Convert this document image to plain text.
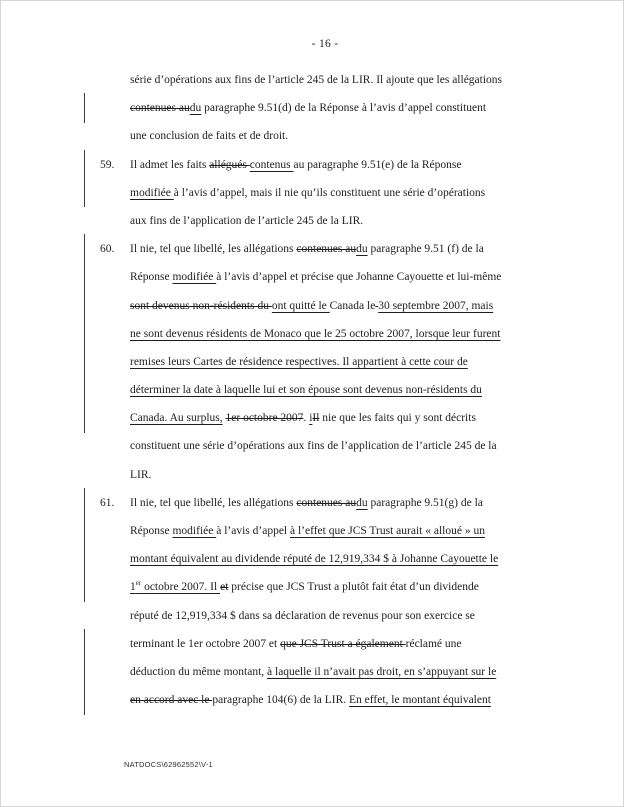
- 16 -
série d’opérations aux fins de l’article 245 de la LIR. Il ajoute que les allégations
contenues audu paragraphe 9.51(d) de la Réponse à l’avis d’appel constituent
une conclusion de faits et de droit.
59. Il admet les faits allégués contenus au paragraphe 9.51(e) de la Réponse
modifiée à l’avis d’appel, mais il nie qu’ils constituent une série d’opérations
aux fins de l’application de l’article 245 de la LIR.
60. Il nie, tel que libellé, les allégations contenues audu paragraphe 9.51 (f) de la
Réponse modifiée à l’avis d’appel et précise que Johanne Cayouette et lui-même
sont devenus non-résidents du ont quitté le Canada le 30 septembre 2007, mais
ne sont devenus résidents de Monaco que le 25 octobre 2007, lorsque leur furent
remises leurs Cartes de résidence respectives. Il appartient à cette cour de
déterminer la date à laquelle lui et son épouse sont devenus non-résidents du
Canada. Au surplus, 1er octobre 2007. iIl nie que les faits qui y sont décrits
constituent une série d’opérations aux fins de l’application de l’article 245 de la
LIR.
61. Il nie, tel que libellé, les allégations contenues audu paragraphe 9.51(g) de la
Réponse modifiée à l’avis d’appel à l’effet que JCS Trust aurait « alloué » un
montant équivalent au dividende réputé de 12,919,334 $ à Johanne Cayouette le
1er octobre 2007. Il et précise que JCS Trust a plutôt fait état d’un dividende
réputé de 12,919,334 $ dans sa déclaration de revenus pour son exercice se
terminant le 1er octobre 2007 et que JCS Trust a également réclamé une
déduction du même montant, à laquelle il n’avait pas droit, en s’appuyant sur le
en accord avec le paragraphe 104(6) de la LIR. En effet, le montant équivalent
NATDOCS\62962552\V-1
